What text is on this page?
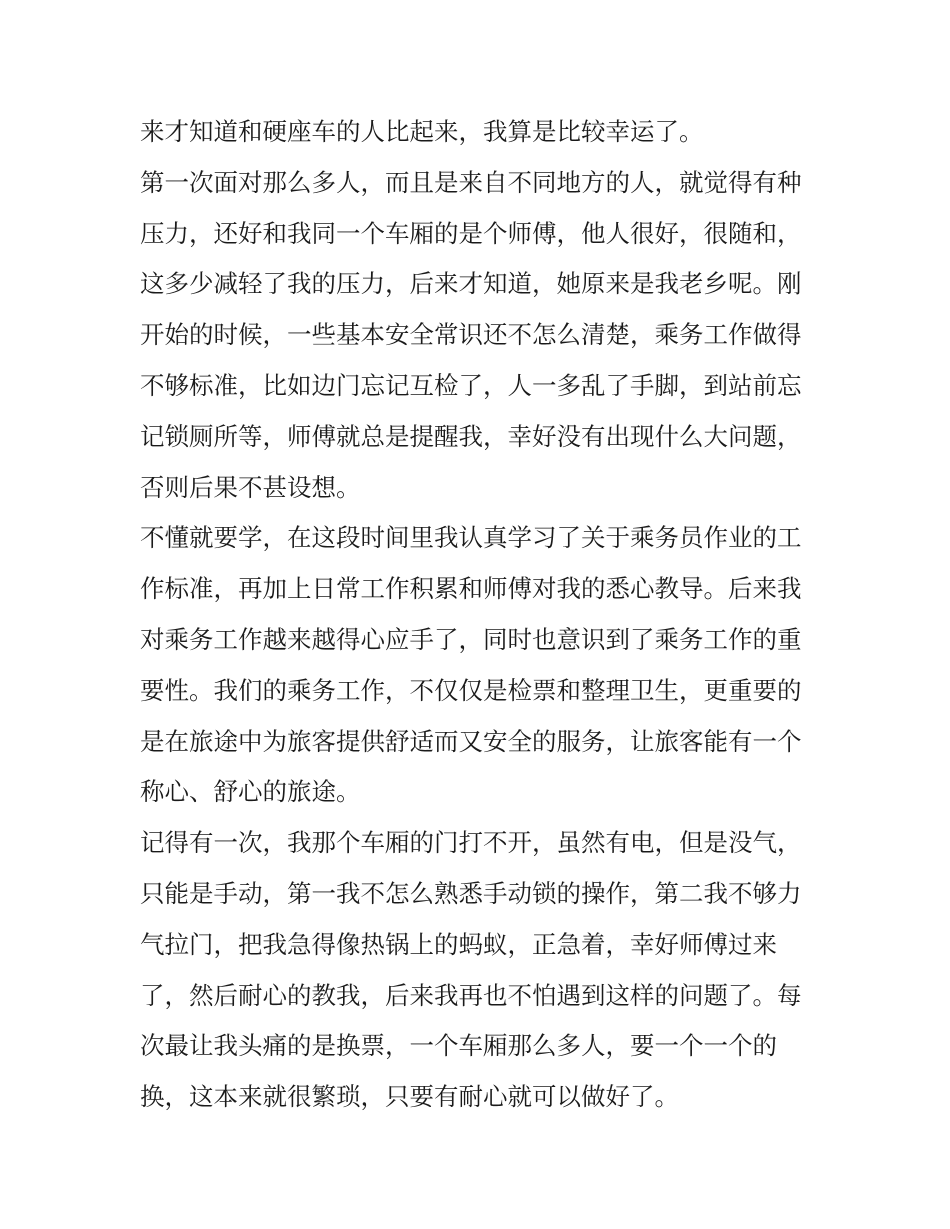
来才知道和硬座车的人比起来，我算是比较幸运了。
第一次面对那么多人，而且是来自不同地方的人，就觉得有种
压力，还好和我同一个车厢的是个师傅，他人很好，很随和，
这多少减轻了我的压力，后来才知道，她原来是我老乡呢。刚
开始的时候，一些基本安全常识还不怎么清楚，乘务工作做得
不够标准，比如边门忘记互检了，人一多乱了手脚，到站前忘
记锁厕所等，师傅就总是提醒我，幸好没有出现什么大问题，
否则后果不甚设想。
不懂就要学，在这段时间里我认真学习了关于乘务员作业的工
作标准，再加上日常工作积累和师傅对我的悉心教导。后来我
对乘务工作越来越得心应手了，同时也意识到了乘务工作的重
要性。我们的乘务工作，不仅仅是检票和整理卫生，更重要的
是在旅途中为旅客提供舒适而又安全的服务，让旅客能有一个
称心、舒心的旅途。
记得有一次，我那个车厢的门打不开，虽然有电，但是没气，
只能是手动，第一我不怎么熟悉手动锁的操作，第二我不够力
气拉门，把我急得像热锅上的蚂蚁，正急着，幸好师傅过来
了，然后耐心的教我，后来我再也不怕遇到这样的问题了。每
次最让我头痛的是换票，一个车厢那么多人，要一个一个的
换，这本来就很繁琐，只要有耐心就可以做好了。
